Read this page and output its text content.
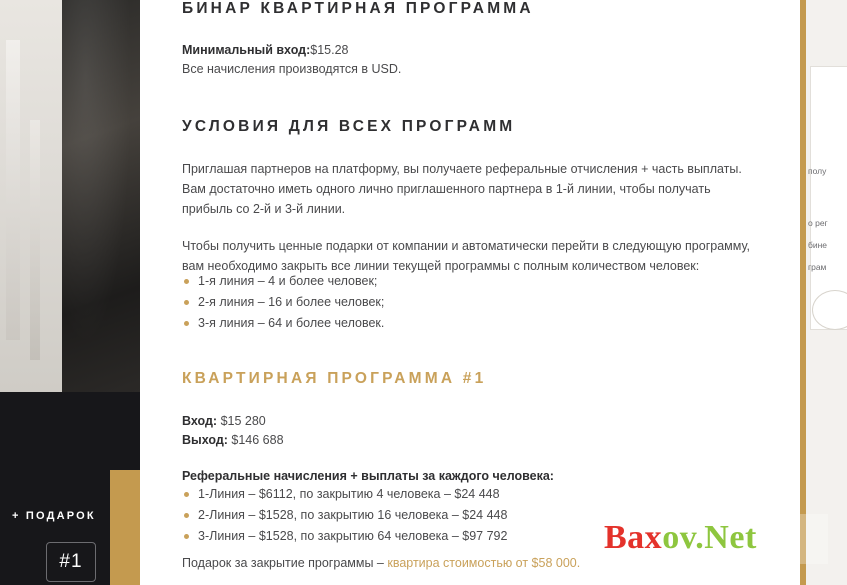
+ ПОДАРОК
#1
БИНАР КВАРТИРНАЯ ПРОГРАММА
Минимальный вход:$15.28
Все начисления производятся в USD.
УСЛОВИЯ ДЛЯ ВСЕХ ПРОГРАММ
Приглашая партнеров на платформу, вы получаете реферальные отчисления + часть выплаты. Вам достаточно иметь одного лично приглашенного партнера в 1-й линии, чтобы получать прибыль со 2-й и 3-й линии.
Чтобы получить ценные подарки от компании и автоматически перейти в следующую программу, вам необходимо закрыть все линии текущей программы с полным количеством человек:
1-я линия – 4 и более человек;
2-я линия – 16 и более человек;
3-я линия – 64 и более человек.
КВАРТИРНАЯ ПРОГРАММА #1
Вход: $15 280
Выход: $146 688
Реферальные начисления + выплаты за каждого человека:
1-Линия – $6112, по закрытию 4 человека – $24 448
2-Линия – $1528, по закрытию 16 человека – $24 448
3-Линия – $1528, по закрытию 64 человека – $97 792
Подарок за закрытие программы – квартира стоимостью от $58 000.
полу
о рег
бине
грам
Baxov.Net
